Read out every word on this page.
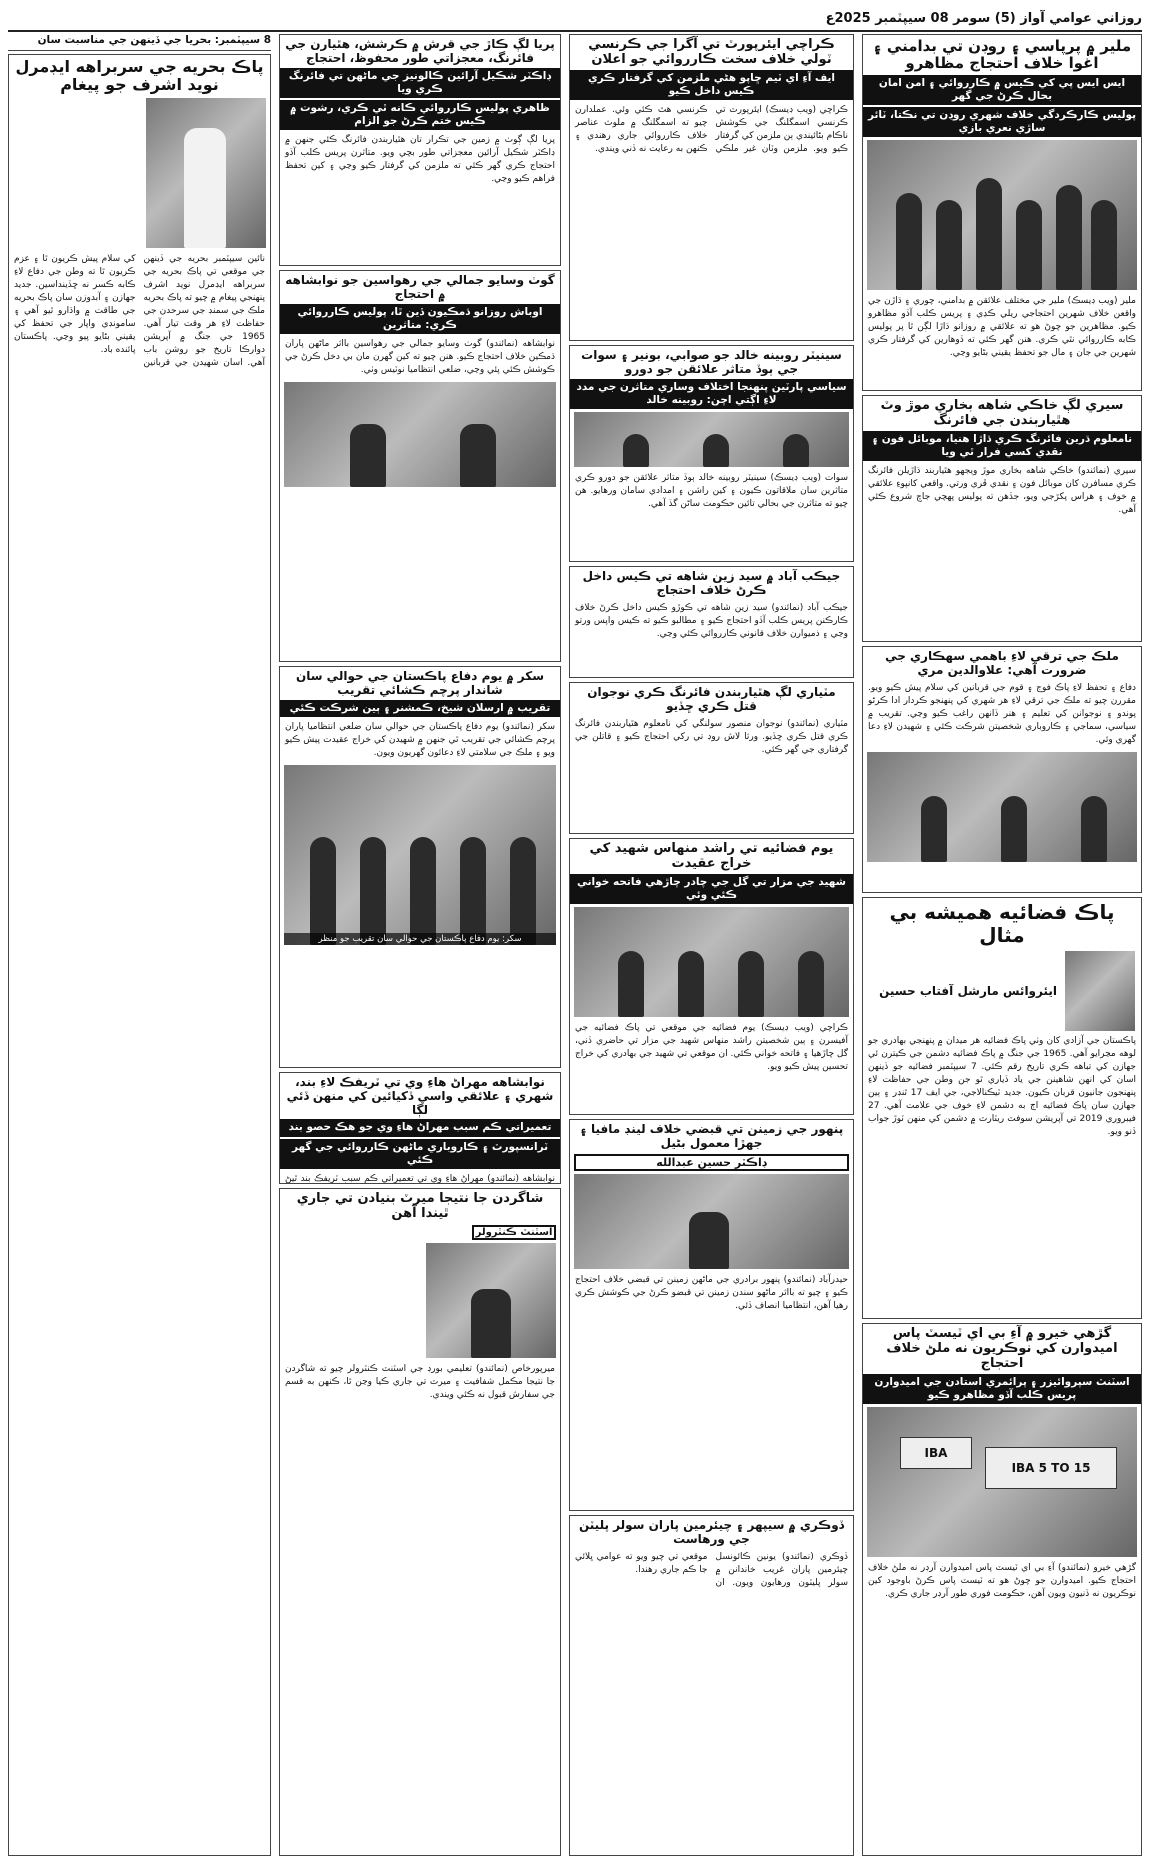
روزاني عوامي آواز (5) سومر 08 سيپٽمبر 2025ع
ملير ۾ پرپاسي ۽ روڊن تي بدامني ۽ اغوا خلاف احتجاج مظاهرو
ايس ايس پي کي ڪيس ۾ ڪارروائي ۽ امن امان بحال ڪرڻ جي گهر
پوليس ڪارڪردگي خلاف شهري روڊن تي نڪتا، ٽائر ساڙي نعري بازي
ملير (ويب ڊيسڪ) ملير جي مختلف علائقن ۾ بدامني، چوري ۽ ڌاڙن جي واقعن خلاف شهرين احتجاجي ريلي ڪڍي ۽ پريس ڪلب آڏو مظاهرو ڪيو. مظاهرين جو چوڻ هو ته علائقي ۾ روزانو ڌاڙا لڳن ٿا پر پوليس ڪابه ڪارروائي نٿي ڪري. هنن گهر ڪئي ته ڏوهارين کي گرفتار ڪري شهرين جي جان ۽ مال جو تحفظ يقيني بڻايو وڃي.
سيري لڳ خاڪي شاهه بخاري موڙ وٽ هٿياربندن جي فائرنگ
نامعلوم ڌرين فائرنگ ڪري ڌاڙا هنيا، موبائل فون ۽ نقدي کسي فرار ٿي ويا
سيري (نمائندو) خاڪي شاهه بخاري موڙ ويجهو هٿياربند ڌاڙيلن فائرنگ ڪري مسافرن کان موبائل فون ۽ نقدي ڦري ورتي. واقعي کانپوءِ علائقي ۾ خوف ۽ هراس پکڙجي ويو، جڏهن ته پوليس پهچي جاچ شروع ڪئي آهي.
ملڪ جي ترقي لاءِ باهمي سهڪاري جي ضرورت آهي: علاوالدين مري
دفاع ۽ تحفظ لاءِ پاڪ فوج ۽ قوم جي قربانين کي سلام پيش ڪيو ويو. مقررن چيو ته ملڪ جي ترقي لاءِ هر شهري کي پنهنجو ڪردار ادا ڪرڻو پوندو ۽ نوجوانن کي تعليم ۽ هنر ڏانهن راغب ڪيو وڃي. تقريب ۾ سياسي، سماجي ۽ ڪاروباري شخصيتن شرڪت ڪئي ۽ شهيدن لاءِ دعا گهري وئي.
پاڪ فضائيه هميشه بي مثال
ايئروائس مارشل آفتاب حسين
پاڪستان جي آزادي کان وٺي پاڪ فضائيه هر ميدان ۾ پنهنجي بهادري جو لوهه مڃرايو آهي. 1965 جي جنگ ۾ پاڪ فضائيه دشمن جي ڪيترن ئي جهازن کي تباهه ڪري تاريخ رقم ڪئي. 7 سيپٽمبر فضائيه جو ڏينهن اسان کي انهن شاهينن جي ياد ڏياري ٿو جن وطن جي حفاظت لاءِ پنهنجون جانيون قربان ڪيون. جديد ٽيڪنالاجي، جي ايف 17 ٿنڊر ۽ ٻين جهازن سان پاڪ فضائيه اڄ به دشمن لاءِ خوف جي علامت آهي. 27 فيبروري 2019 تي آپريشن سوفٽ ريٽارٽ ۾ دشمن کي منهن ٽوڙ جواب ڏنو ويو.
گڙهي خيرو ۾ آءِ بي اي ٽيسٽ پاس اميدوارن کي نوڪريون نه ملڻ خلاف احتجاج
اسٽنٽ سپروائيزر ۽ پرائمري استادن جي اميدوارن پريس ڪلب آڏو مظاهرو ڪيو
IBA 5 TO 15
IBA
گڙهي خيرو (نمائندو) آءِ بي اي ٽيسٽ پاس اميدوارن آرڊر نه ملڻ خلاف احتجاج ڪيو. اميدوارن جو چوڻ هو ته ٽيسٽ پاس ڪرڻ باوجود کين نوڪريون نه ڏنيون ويون آهن، حڪومت فوري طور آرڊر جاري ڪري.
ڪراچي ايئرپورٽ تي آگرا جي ڪرنسي ٽولي خلاف سخت ڪارروائي جو اعلان
ايف آءِ اي ٽيم ڇاپو هڻي ملزمن کي گرفتار ڪري ڪيس داخل ڪيو
ڪراچي (ويب ڊيسڪ) ايئرپورٽ تي ڪرنسي اسمگلنگ جي ڪوشش ناڪام بڻائيندي ٻن ملزمن کي گرفتار ڪيو ويو. ملزمن وٽان غير ملڪي ڪرنسي هٿ ڪئي وئي. عملدارن چيو ته اسمگلنگ ۾ ملوث عناصر خلاف ڪارروائي جاري رهندي ۽ ڪنهن به رعايت نه ڏني ويندي.
سينيٽر روبينه خالد جو صوابي، بونير ۽ سوات جي ٻوڏ متاثر علائقن جو دورو
سياسي پارٽين پنهنجا اختلاف وساري متاثرن جي مدد لاءِ اڳتي اچن: روبينه خالد
سوات (ويب ڊيسڪ) سينيٽر روبينه خالد ٻوڏ متاثر علائقن جو دورو ڪري متاثرين سان ملاقاتون ڪيون ۽ کين راشن ۽ امدادي سامان ورهايو. هن چيو ته متاثرن جي بحالي تائين حڪومت ساڻن گڏ آهي.
جيڪب آباد ۾ سيد زين شاهه تي ڪيس داخل ڪرڻ خلاف احتجاج
جيڪب آباد (نمائندو) سيد زين شاهه تي ڪوڙو ڪيس داخل ڪرڻ خلاف ڪارڪنن پريس ڪلب آڏو احتجاج ڪيو ۽ مطالبو ڪيو ته ڪيس واپس ورتو وڃي ۽ ذميوارن خلاف قانوني ڪارروائي ڪئي وڃي.
مٽياري لڳ هٿياربندن فائرنگ ڪري نوجوان قتل ڪري ڇڏيو
مٽياري (نمائندو) نوجوان منصور سولنگي کي نامعلوم هٿياربندن فائرنگ ڪري قتل ڪري ڇڏيو. ورثا لاش روڊ تي رکي احتجاج ڪيو ۽ قاتلن جي گرفتاري جي گهر ڪئي.
يوم فضائيه تي راشد منهاس شهيد کي خراج عقيدت
شهيد جي مزار تي گل جي چادر چاڙهي فاتحه خواني ڪئي وئي
ڪراچي (ويب ڊيسڪ) يوم فضائيه جي موقعي تي پاڪ فضائيه جي آفيسرن ۽ ٻين شخصيتن راشد منهاس شهيد جي مزار تي حاضري ڏني، گل چاڙهيا ۽ فاتحه خواني ڪئي. ان موقعي تي شهيد جي بهادري کي خراج تحسين پيش ڪيو ويو.
پنهور جي زمينن تي قبضي خلاف لينڊ مافيا ۽ جهڙا معمول بڻيل
ڊاڪٽر حسين عبدالله
حيدرآباد (نمائندو) پنهور برادري جي ماڻهن زمينن تي قبضي خلاف احتجاج ڪيو ۽ چيو ته بااثر ماڻهو سندن زمينن تي قبضو ڪرڻ جي ڪوشش ڪري رهيا آهن، انتظاميا انصاف ڏئي.
ڏوڪري ۾ سيپهر ۽ چيئرمين پاران سولر پليٽن جي ورهاست
ڏوڪري (نمائندو) يونين ڪائونسل چيئرمين پاران غريب خاندانن ۾ سولر پليٽون ورهايون ويون. ان موقعي تي چيو ويو ته عوامي ڀلائي جا ڪم جاري رهندا.
پريا لڳ ڪاڙ جي قرش ۾ ڪرشش، هٿيارن جي فائرنگ، معجزاتي طور محفوظ، احتجاج
ڊاڪٽر شڪيل آرائين ڪالونيز جي ماڻهن تي فائرنگ ڪري ويا
ظاهري پوليس ڪارروائي ڪانه ٿي ڪري، رشوت ۾ ڪيس ختم ڪرڻ جو الزام
پريا لڳ ڳوٺ ۾ زمين جي تڪرار تان هٿياربندن فائرنگ ڪئي جنهن ۾ ڊاڪٽر شڪيل آرائين معجزاتي طور بچي ويو. متاثرن پريس ڪلب آڏو احتجاج ڪري گهر ڪئي ته ملزمن کي گرفتار ڪيو وڃي ۽ کين تحفظ فراهم ڪيو وڃي.
گوٺ وسايو جمالي جي رهواسين جو نوابشاهه ۾ احتجاج
اوباش روزانو ڌمڪيون ڏين ٿا، پوليس ڪارروائي ڪري: متاثرين
نوابشاهه (نمائندو) گوٺ وسايو جمالي جي رهواسين بااثر ماڻهن پاران ڌمڪين خلاف احتجاج ڪيو. هنن چيو ته کين گهرن مان بي دخل ڪرڻ جي ڪوشش ڪئي پئي وڃي، ضلعي انتظاميا نوٽيس وٺي.
سکر ۾ يوم دفاع پاڪستان جي حوالي سان شاندار پرچم ڪشائي تقريب
تقريب ۾ ارسلان شيخ، ڪمشنر ۽ ٻين شرڪت ڪئي
سکر (نمائندو) يوم دفاع پاڪستان جي حوالي سان ضلعي انتظاميا پاران پرچم ڪشائي جي تقريب ٿي جنهن ۾ شهيدن کي خراج عقيدت پيش ڪيو ويو ۽ ملڪ جي سلامتي لاءِ دعائون گهريون ويون.
سکر: يوم دفاع پاڪستان جي حوالي سان تقريب جو منظر
نوابشاهه مهراڻ هاءِ وي تي ٽريفڪ لاءِ بند، شهري ۽ علائقي واسي ڏکيائين کي منهن ڏئي لڳا
تعميراتي ڪم سبب مهراڻ هاءِ وي جو هڪ حصو بند
ٽرانسپورٽ ۽ ڪاروباري ماڻهن ڪارروائي جي گهر ڪئي
نوابشاهه (نمائندو) مهراڻ هاءِ وي تي تعميراتي ڪم سبب ٽريفڪ بند ٿيڻ
شاگردن جا نتيجا ميرٽ بنيادن تي جاري ٿيندا آهن
اسٽنٽ ڪنٽرولر
ميرپورخاص (نمائندو) تعليمي بورڊ جي اسٽنٽ ڪنٽرولر چيو ته شاگردن جا نتيجا مڪمل شفافيت ۽ ميرٽ تي جاري ڪيا وڃن ٿا، ڪنهن به قسم جي سفارش قبول نه ڪئي ويندي.
8 سيپٽمبر: بحريا جي ڏينهن جي مناسبت سان
پاڪ بحريه جي سربراهه ايڊمرل نويد اشرف جو پيغام
نائين سيپٽمبر بحريه جي ڏينهن جي موقعي تي پاڪ بحريه جي سربراهه ايڊمرل نويد اشرف پنهنجي پيغام ۾ چيو ته پاڪ بحريه ملڪ جي سمنڊ جي سرحدن جي حفاظت لاءِ هر وقت تيار آهي. 1965 جي جنگ ۾ آپريشن دوارڪا تاريخ جو روشن باب آهي. اسان شهيدن جي قربانين کي سلام پيش ڪريون ٿا ۽ عزم ڪريون ٿا ته وطن جي دفاع لاءِ ڪابه ڪسر نه ڇڏينداسين. جديد جهازن ۽ آبدوزن سان پاڪ بحريه جي طاقت ۾ واڌارو ٿيو آهي ۽ سامونڊي واپار جي تحفظ کي يقيني بڻايو پيو وڃي. پاڪستان پائنده باد.
